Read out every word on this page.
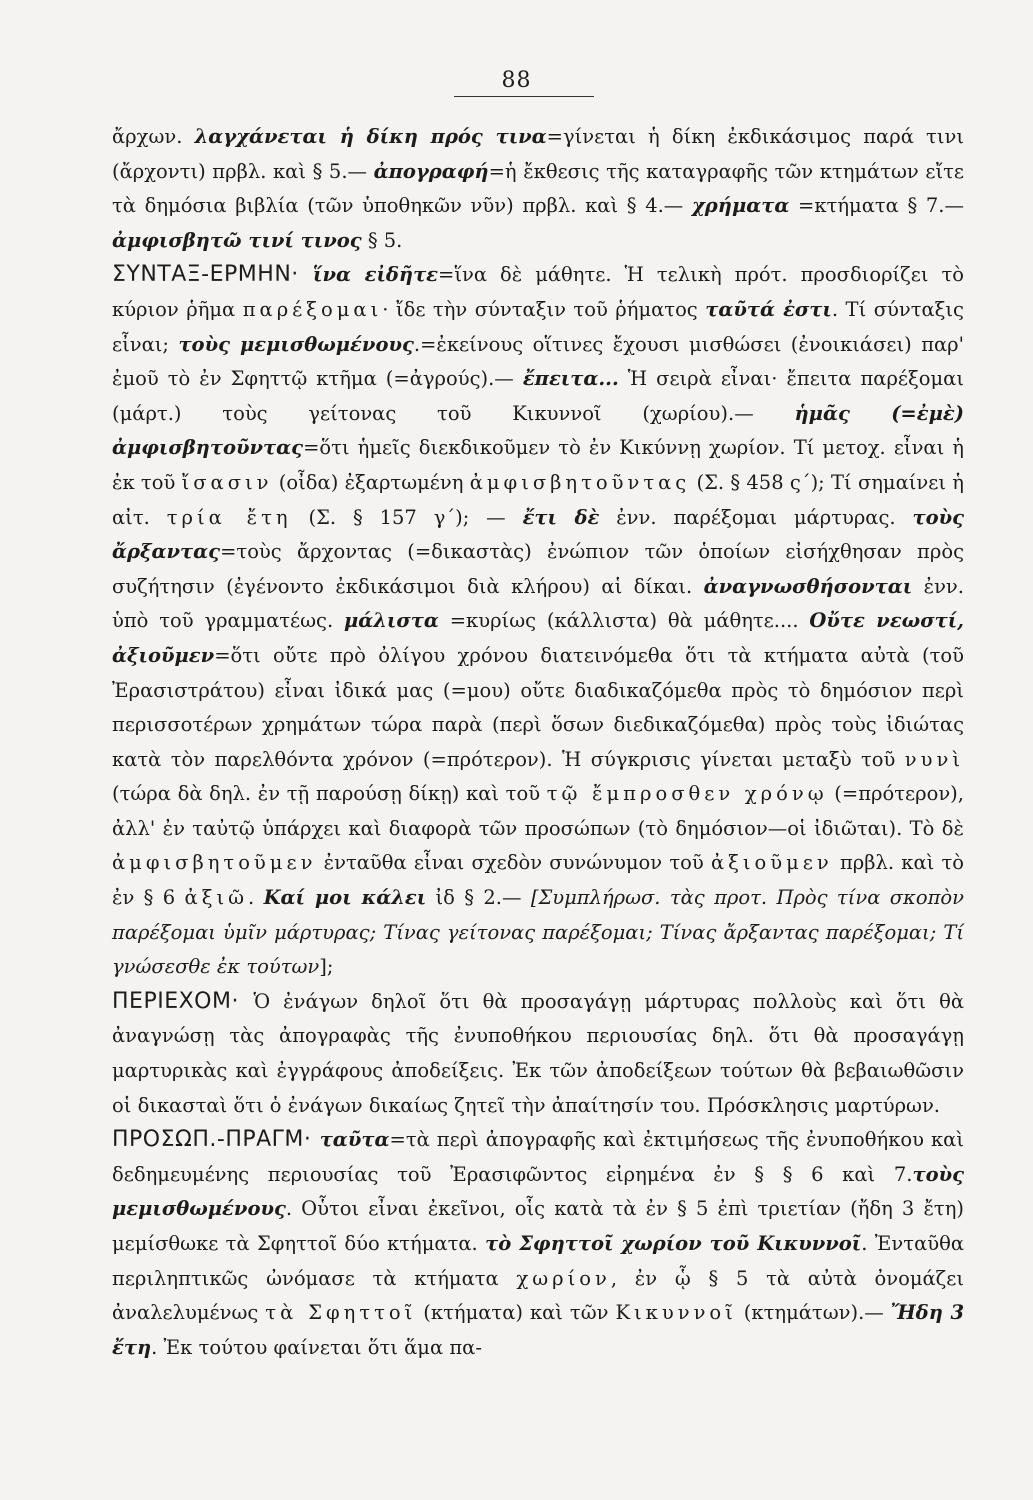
88

ἄρχων. λαγχάνεται ἡ δίκη πρός τινα=γίνεται ἡ δίκη ἐκδικάσιμος παρά τινι (ἄρχοντι) πρβλ. καὶ § 5.— ἀπογραφή=ἡ ἔκθεσις τῆς καταγραφῆς τῶν κτημάτων εἴτε τὰ δημόσια βιβλία (τῶν ὑποθηκῶν νῦν) πρβλ. καὶ § 4.— χρήματα =κτήματα § 7.— ἀμφισβητῶ τινί τινος § 5.

ΣΥΝΤΑΞ-ΕΡΜΗΝ· ἵνα εἰδῆτε=ἵνα δὲ μάθητε. Ἡ τελικὴ πρότ. προσδιορίζει τὸ κύριον ῥῆμα παρέξομαι· ἴδε τὴν σύνταξιν τοῦ ῥήματος ταῦτά ἐστι. Τί σύνταξις εἶναι; τοὺς μεμισθωμένους.=ἐκείνους οἵτινες ἔχουσι μισθώσει (ἐνοικιάσει) παρ' ἐμοῦ τὸ ἐν Σφηττῷ κτῆμα (=ἀγρούς).— ἔπειτα... Ἡ σειρὰ εἶναι· ἔπειτα παρέξομαι (μάρτ.) τοὺς γείτονας τοῦ Κικυννοῖ (χωρίου).— ἡμᾶς (=ἐμὲ) ἀμφισβητοῦντας=ὅτι ἡμεῖς διεκδικοῦμεν τὸ ἐν Κικύννῃ χωρίον. Τί μετοχ. εἶναι ἡ ἐκ τοῦ ἴσασιν (οἶδα) ἐξαρτωμένη ἀμφισβητοῦντας (Σ. § 458 ς΄); Τί σημαίνει ἡ αἰτ. τρία ἔτη (Σ. § 157 γ΄); — ἔτι δὲ ἐνν. παρέξομαι μάρτυρας. τοὺς ἄρξαντας=τοὺς ἄρχοντας (=δικαστὰς) ἐνώπιον τῶν ὁποίων εἰσήχθησαν πρὸς συζήτησιν (ἐγένοντο ἐκδικάσιμοι διὰ κλήρου) αἱ δίκαι. ἀναγνωσθήσονται ἐνν. ὑπὸ τοῦ γραμματέως. μάλιστα =κυρίως (κάλλιστα) θὰ μάθητε.... Οὔτε νεωστί, ἀξιοῦμεν=ὅτι οὔτε πρὸ ὀλίγου χρόνου διατεινόμεθα ὅτι τὰ κτήματα αὐτὰ (τοῦ Ἐρασιστράτου) εἶναι ἰδικά μας (=μου) οὔτε διαδικαζόμεθα πρὸς τὸ δημόσιον περὶ περισσοτέρων χρημάτων τώρα παρὰ (περὶ ὅσων διεδικαζόμεθα) πρὸς τοὺς ἰδιώτας κατὰ τὸν παρελθόντα χρόνον (=πρότερον). Ἡ σύγκρισις γίνεται μεταξὺ τοῦ νυνὶ (τώρα δὰ δηλ. ἐν τῇ παρούσῃ δίκῃ) καὶ τοῦ τῷ ἔμπροσθεν χρόνῳ (=πρότερον), ἀλλ' ἐν ταὐτῷ ὑπάρχει καὶ διαφορὰ τῶν προσώπων (τὸ δημόσιον—οἱ ἰδιῶται). Τὸ δὲ ἀμφισβητοῦμεν ἐνταῦθα εἶναι σχεδὸν συνώνυμον τοῦ ἀξιοῦμεν πρβλ. καὶ τὸ ἐν § 6 ἀξιῶ. Καί μοι κάλει ἰδ § 2.— [Συμπλήρωσ. τὰς προτ. Πρὸς τίνα σκοπὸν παρέξομαι ὑμῖν μάρτυρας; Τίνας γείτονας παρέξομαι; Τίνας ἄρξαντας παρέξομαι; Τί γνώσεσθε ἐκ τούτων];

ΠΕΡΙΕΧΟΜ· Ὁ ἐνάγων δηλοῖ ὅτι θὰ προσαγάγῃ μάρτυρας πολλοὺς καὶ ὅτι θὰ ἀναγνώσῃ τὰς ἀπογραφὰς τῆς ἐνυποθήκου περιουσίας δηλ. ὅτι θὰ προσαγάγῃ μαρτυρικὰς καὶ ἐγγράφους ἀποδείξεις. Ἐκ τῶν ἀποδείξεων τούτων θὰ βεβαιωθῶσιν οἱ δικασταὶ ὅτι ὁ ἐνάγων δικαίως ζητεῖ τὴν ἀπαίτησίν του. Πρόσκλησις μαρτύρων.

ΠΡΟΣΩΠ.-ΠΡΑΓΜ· ταῦτα=τὰ περὶ ἀπογραφῆς καὶ ἐκτιμήσεως τῆς ἐνυποθήκου καὶ δεδημευμένης περιουσίας τοῦ Ἐρασιφῶντος εἰρημένα ἐν § § 6 καὶ 7.τοὺς μεμισθωμένους. Οὗτοι εἶναι ἐκεῖνοι, οἷς κατὰ τὰ ἐν § 5 ἐπὶ τριετίαν (ἤδη 3 ἔτη) μεμίσθωκε τὰ Σφηττοῖ δύο κτήματα. τὸ Σφηττοῖ χωρίον τοῦ Κικυννοῖ. Ἐνταῦθα περιληπτικῶς ὠνόμασε τὰ κτήματα χωρίον, ἐν ᾧ § 5 τὰ αὐτὰ ὀνομάζει ἀναλελυμένως τὰ Σφηττοῖ (κτήματα) καὶ τῶν Κικυννοῖ (κτημάτων).— Ἤδη 3 ἔτη. Ἐκ τούτου φαίνεται ὅτι ἅμα πα-
